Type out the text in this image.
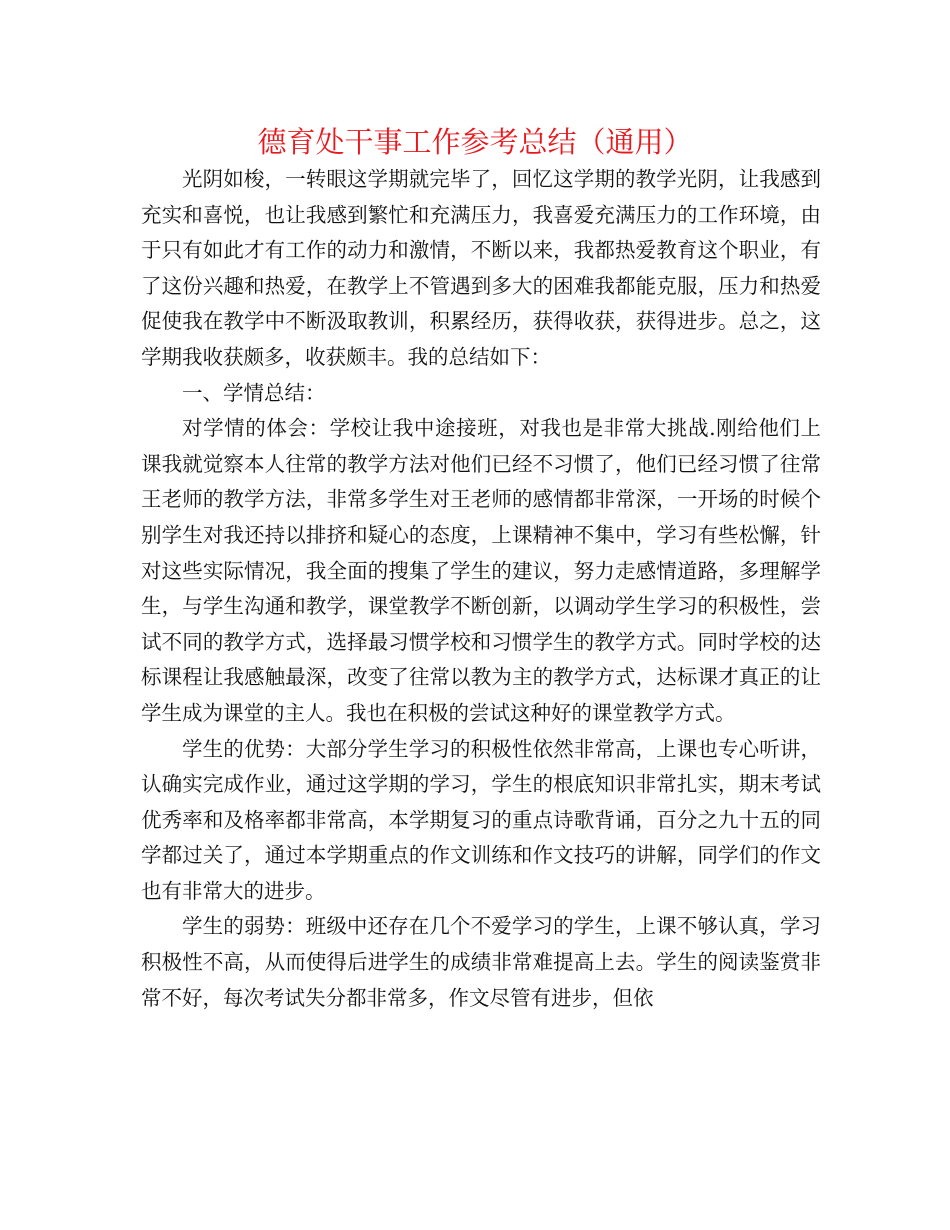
德育处干事工作参考总结（通用）

光阴如梭，一转眼这学期就完毕了，回忆这学期的教学光阴，让我感到充实和喜悦，也让我感到繁忙和充满压力，我喜爱充满压力的工作环境，由于只有如此才有工作的动力和激情，不断以来，我都热爱教育这个职业，有了这份兴趣和热爱，在教学上不管遇到多大的困难我都能克服，压力和热爱促使我在教学中不断汲取教训，积累经历，获得收获，获得进步。总之，这学期我收获颇多，收获颇丰。我的总结如下：

一、学情总结：

对学情的体会：学校让我中途接班，对我也是非常大挑战.刚给他们上课我就觉察本人往常的教学方法对他们已经不习惯了，他们已经习惯了往常王老师的教学方法，非常多学生对王老师的感情都非常深，一开场的时候个别学生对我还持以排挤和疑心的态度，上课精神不集中，学习有些松懈，针对这些实际情况，我全面的搜集了学生的建议，努力走感情道路，多理解学生，与学生沟通和教学，课堂教学不断创新，以调动学生学习的积极性，尝试不同的教学方式，选择最习惯学校和习惯学生的教学方式。同时学校的达标课程让我感触最深，改变了往常以教为主的教学方式，达标课才真正的让学生成为课堂的主人。我也在积极的尝试这种好的课堂教学方式。

学生的优势：大部分学生学习的积极性依然非常高，上课也专心听讲，认确实完成作业，通过这学期的学习，学生的根底知识非常扎实，期末考试优秀率和及格率都非常高，本学期复习的重点诗歌背诵，百分之九十五的同学都过关了，通过本学期重点的作文训练和作文技巧的讲解，同学们的作文也有非常大的进步。

学生的弱势：班级中还存在几个不爱学习的学生，上课不够认真，学习积极性不高，从而使得后进学生的成绩非常难提高上去。学生的阅读鉴赏非常不好，每次考试失分都非常多，作文尽管有进步，但依
